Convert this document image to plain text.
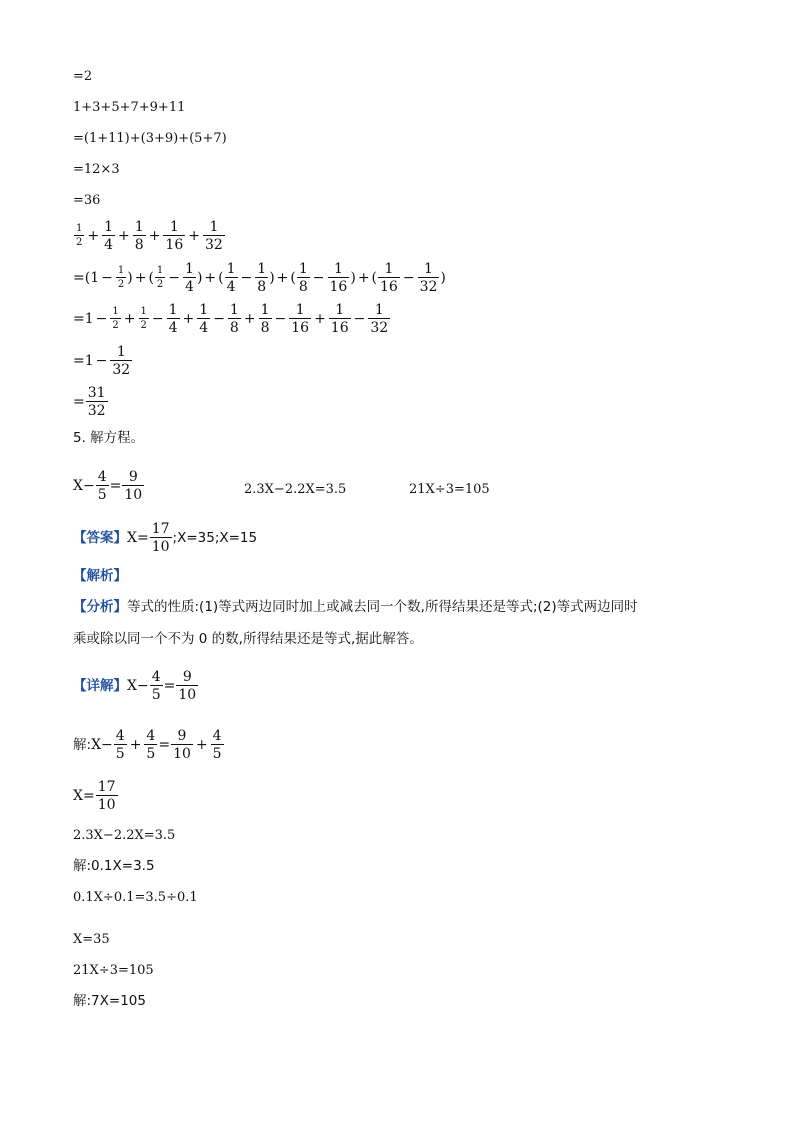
=2
1+3+5+7+9+11
=(1+11)+(3+9)+(5+7)
=12×3
=36
$\frac{1}{2} + \frac{1}{4} + \frac{1}{8} + \frac{1}{16} + \frac{1}{32}$
$=(1 - \frac{1}{2}$ ) + ( $\frac{1}{2} - \frac{1}{4}$ ) + ( $\frac{1}{4} - \frac{1}{8}$ ) + ( $\frac{1}{8} - \frac{1}{16}$ ) + ( $\frac{1}{16} - \frac{1}{32}$ )
$=1 - \frac{1}{2} + \frac{1}{2} - \frac{1}{4} + \frac{1}{4} - \frac{1}{8} + \frac{1}{8} - \frac{1}{16} + \frac{1}{16} - \frac{1}{32}$
$=1 - \frac{1}{32}$
= $\frac{31}{32}$
5. 解方程。
$X- \frac{4}{5} = \frac{9}{10}$	2.3X−2.2X=3.5	21X÷3=105
【答案】$X= \frac{17}{10}$ ;X=35;X=15
【解析】
【分析】等式的性质:(1)等式两边同时加上或减去同一个数,所得结果还是等式;(2)等式两边同时
乘或除以同一个不为 0 的数,所得结果还是等式,据此解答。
【详解】$X- \frac{4}{5} = \frac{9}{10}$
解:X− $\frac{4}{5} + \frac{4}{5} = \frac{9}{10} + \frac{4}{5}$
$X= \frac{17}{10}$
2.3X−2.2X=3.5
解:0.1X=3.5
0.1X÷0.1=3.5÷0.1
X=35
21X÷3=105
解:7X=105
